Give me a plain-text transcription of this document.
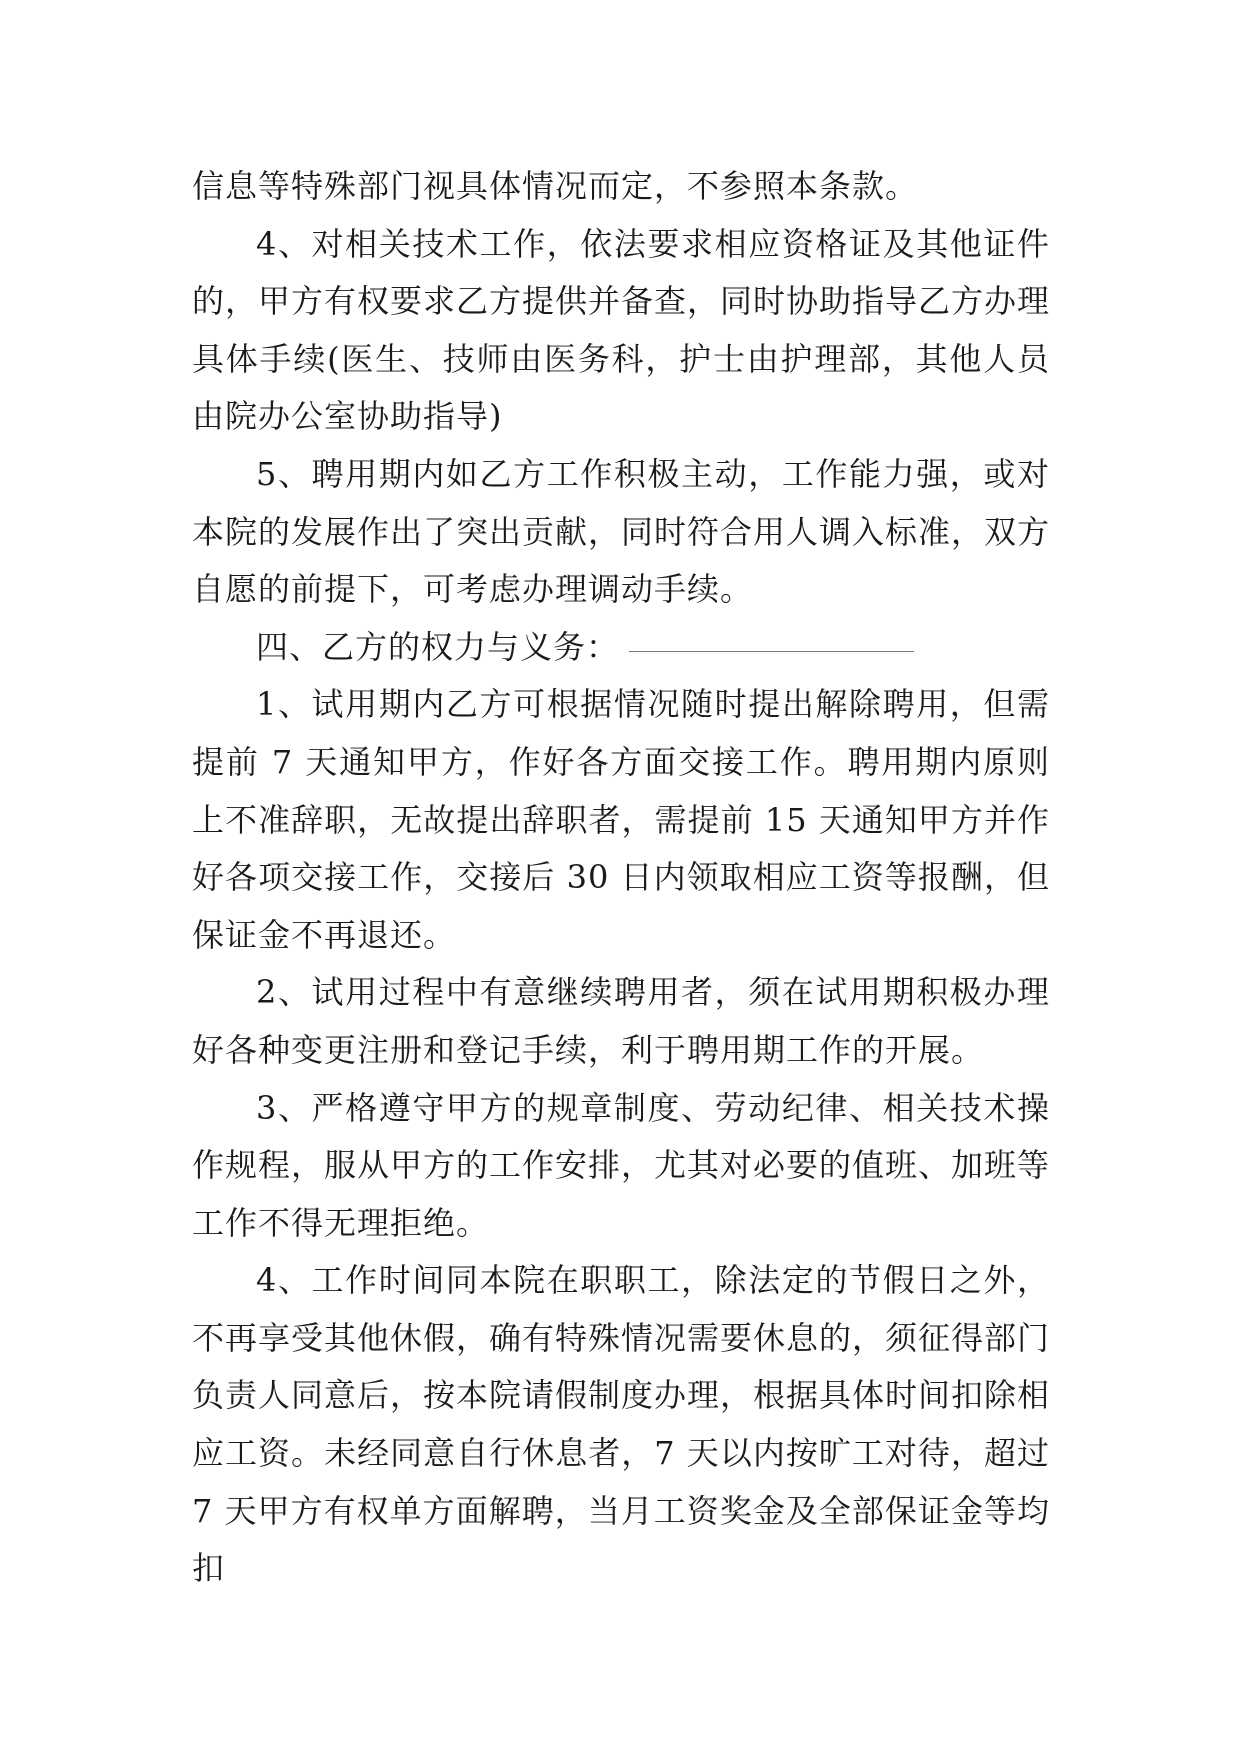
信息等特殊部门视具体情况而定，不参照本条款。

4、对相关技术工作，依法要求相应资格证及其他证件的，甲方有权要求乙方提供并备查，同时协助指导乙方办理具体手续(医生、技师由医务科，护士由护理部，其他人员由院办公室协助指导)

5、聘用期内如乙方工作积极主动，工作能力强，或对本院的发展作出了突出贡献，同时符合用人调入标准，双方自愿的前提下，可考虑办理调动手续。

四、乙方的权力与义务：

1、试用期内乙方可根据情况随时提出解除聘用，但需提前 7 天通知甲方，作好各方面交接工作。聘用期内原则上不准辞职，无故提出辞职者，需提前 15 天通知甲方并作好各项交接工作，交接后 30 日内领取相应工资等报酬，但保证金不再退还。

2、试用过程中有意继续聘用者，须在试用期积极办理好各种变更注册和登记手续，利于聘用期工作的开展。

3、严格遵守甲方的规章制度、劳动纪律、相关技术操作规程，服从甲方的工作安排，尤其对必要的值班、加班等工作不得无理拒绝。

4、工作时间同本院在职职工，除法定的节假日之外，不再享受其他休假，确有特殊情况需要休息的，须征得部门负责人同意后，按本院请假制度办理，根据具体时间扣除相应工资。未经同意自行休息者，7 天以内按旷工对待，超过 7 天甲方有权单方面解聘，当月工资奖金及全部保证金等均扣
